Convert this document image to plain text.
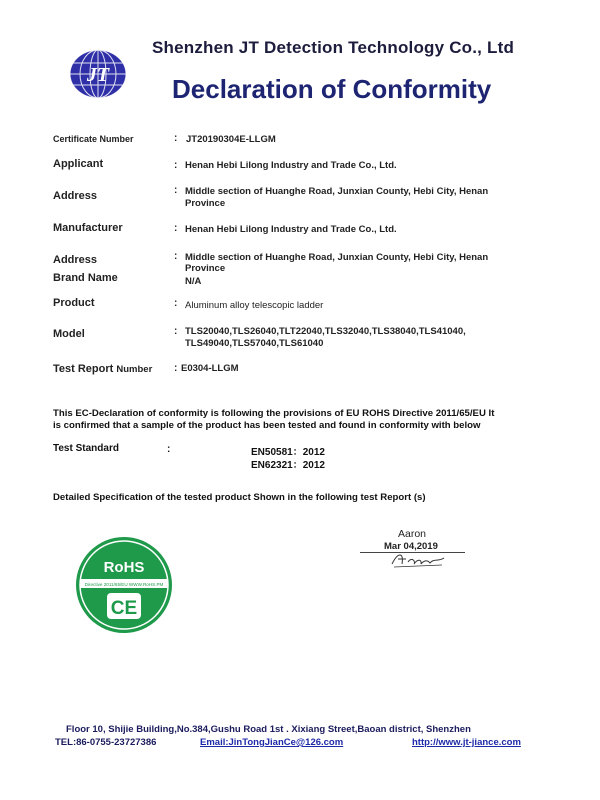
JT
Shenzhen JT Detection Technology Co., Ltd
Declaration of Conformity
Certificate Number	: JT20190304E-LLGM
Applicant	: Henan Hebi Lilong Industry and Trade Co., Ltd.
Address	: Middle section of Huanghe Road, Junxian County, Hebi City, Henan
Province
Manufacturer	: Henan Hebi Lilong Industry and Trade Co., Ltd.
Address	: Middle section of Huanghe Road, Junxian County, Hebi City, Henan
Province
Brand Name	N/A
Product	: Aluminum alloy telescopic ladder
Model	: TLS20040,TLS26040,TLT22040,TLS32040,TLS38040,TLS41040,
TLS49040,TLS57040,TLS61040
Test Report Number : E0304-LLGM
This EC-Declaration of conformity is following the provisions of EU ROHS Directive 2011/65/EU It
is confirmed that a sample of the product has been tested and found in conformity with below
Test Standard	:	EN50581：2012
EN62321：2012
Detailed Specification of the tested product Shown in the following test Report (s)
RoHS
Directive 2011/65/EU WWW.RoHS.PM
CE
Aaron
Mar 04,2019	Aaron
Floor 10, Shijie Building,No.384,Gushu Road 1st . Xixiang Street,Baoan district, Shenzhen
TEL:86-0755-23727386	Email:JinTongJianCe@126.com	http://www.jt-jiance.com
